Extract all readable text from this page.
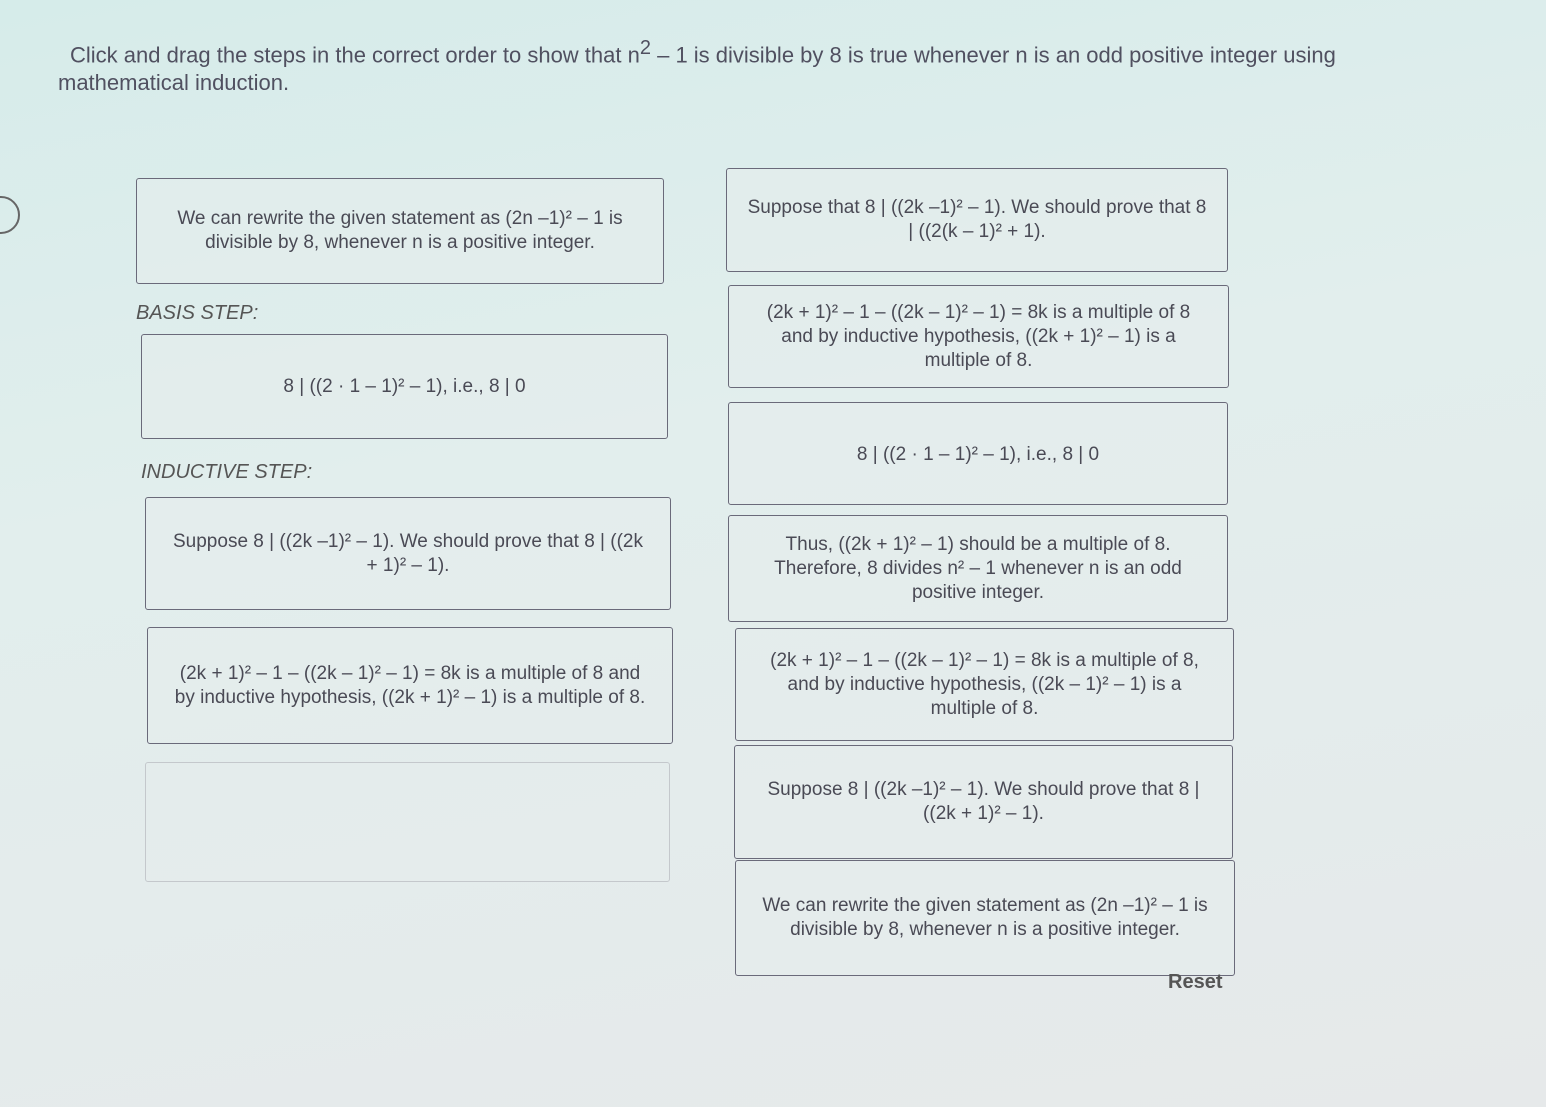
Click and drag the steps in the correct order to show that $n^2 - 1$ is divisible by 8 is true whenever n is an odd positive integer using mathematical induction.
We can rewrite the given statement as (2n –1)² – 1 is divisible by 8, whenever n is a positive integer.
BASIS STEP:
8 | ((2 · 1 – 1)² – 1), i.e., 8 | 0
INDUCTIVE STEP:
Suppose 8 | ((2k –1)² – 1). We should prove that 8 | ((2k + 1)² – 1).
(2k + 1)² – 1 – ((2k – 1)² – 1) = 8k is a multiple of 8 and by inductive hypothesis, ((2k + 1)² – 1) is a multiple of 8.
Suppose that 8 | ((2k –1)² – 1). We should prove that 8 | ((2(k – 1)² + 1).
(2k + 1)² – 1 – ((2k – 1)² – 1) = 8k is a multiple of 8 and by inductive hypothesis, ((2k + 1)² – 1) is a multiple of 8.
8 | ((2 · 1 – 1)² – 1), i.e., 8 | 0
Thus, ((2k + 1)² – 1) should be a multiple of 8. Therefore, 8 divides n² – 1 whenever n is an odd positive integer.
(2k + 1)² – 1 – ((2k – 1)² – 1) = 8k is a multiple of 8, and by inductive hypothesis, ((2k – 1)² – 1) is a multiple of 8.
Suppose 8 | ((2k –1)² – 1). We should prove that 8 | ((2k + 1)² – 1).
We can rewrite the given statement as (2n –1)² – 1 is divisible by 8, whenever n is a positive integer.
Reset
